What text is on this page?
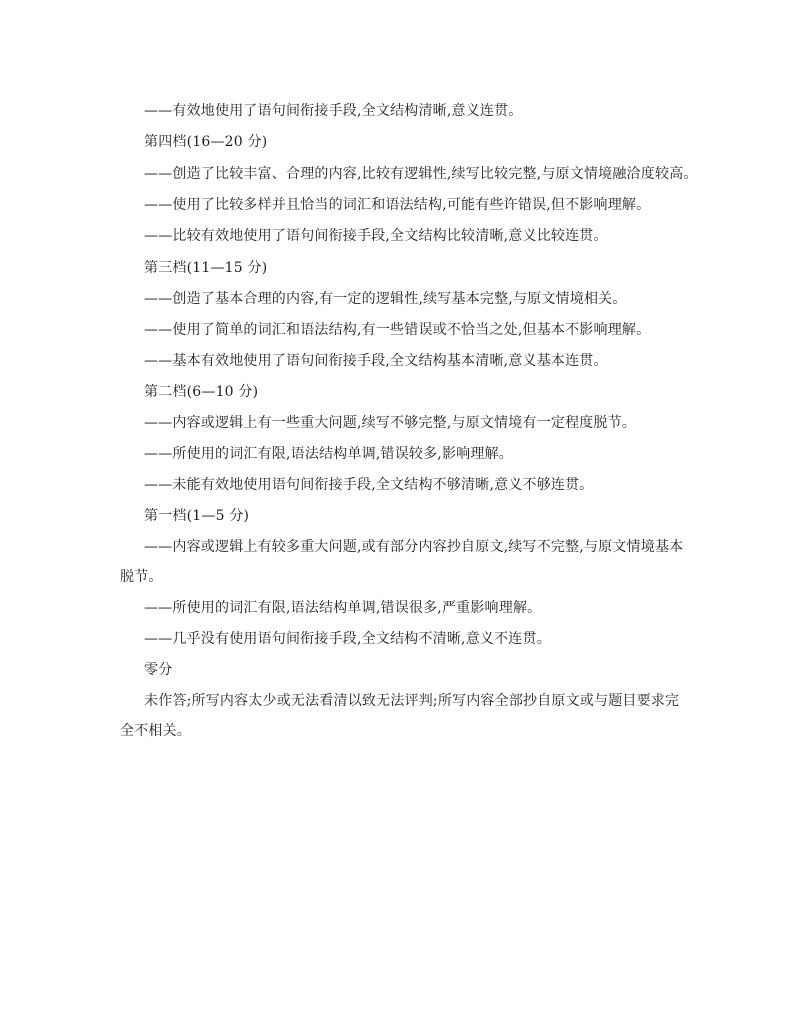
——有效地使用了语句间衔接手段,全文结构清晰,意义连贯。
第四档(16—20 分)
——创造了比较丰富、合理的内容,比较有逻辑性,续写比较完整,与原文情境融洽度较高。
——使用了比较多样并且恰当的词汇和语法结构,可能有些许错误,但不影响理解。
——比较有效地使用了语句间衔接手段,全文结构比较清晰,意义比较连贯。
第三档(11—15 分)
——创造了基本合理的内容,有一定的逻辑性,续写基本完整,与原文情境相关。
——使用了简单的词汇和语法结构,有一些错误或不恰当之处,但基本不影响理解。
——基本有效地使用了语句间衔接手段,全文结构基本清晰,意义基本连贯。
第二档(6—10 分)
——内容或逻辑上有一些重大问题,续写不够完整,与原文情境有一定程度脱节。
——所使用的词汇有限,语法结构单调,错误较多,影响理解。
——未能有效地使用语句间衔接手段,全文结构不够清晰,意义不够连贯。
第一档(1—5 分)
——内容或逻辑上有较多重大问题,或有部分内容抄自原文,续写不完整,与原文情境基本
脱节。
——所使用的词汇有限,语法结构单调,错误很多,严重影响理解。
——几乎没有使用语句间衔接手段,全文结构不清晰,意义不连贯。
零分
未作答;所写内容太少或无法看清以致无法评判;所写内容全部抄自原文或与题目要求完
全不相关。
